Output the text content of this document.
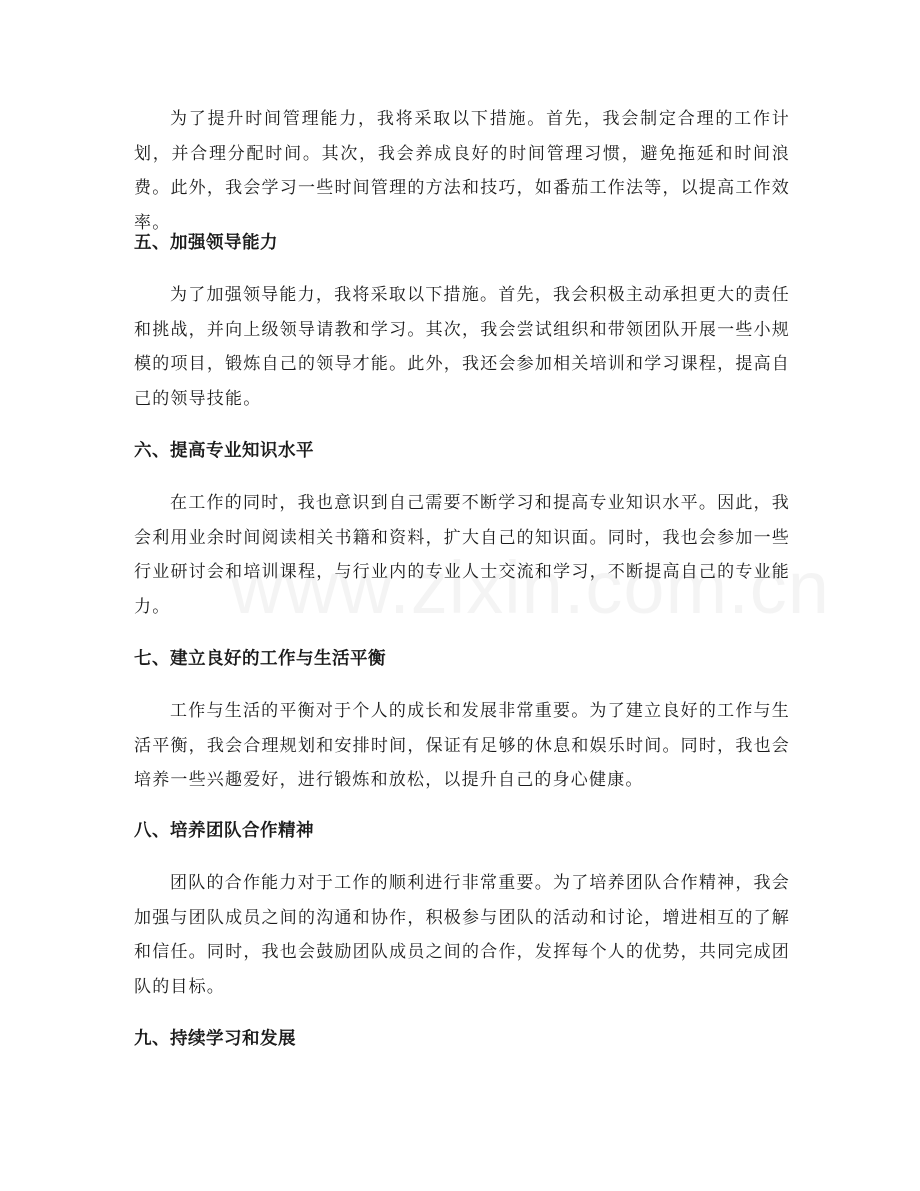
为了提升时间管理能力，我将采取以下措施。首先，我会制定合理的工作计划，并合理分配时间。其次，我会养成良好的时间管理习惯，避免拖延和时间浪费。此外，我会学习一些时间管理的方法和技巧，如番茄工作法等，以提高工作效率。

五、加强领导能力

为了加强领导能力，我将采取以下措施。首先，我会积极主动承担更大的责任和挑战，并向上级领导请教和学习。其次，我会尝试组织和带领团队开展一些小规模的项目，锻炼自己的领导才能。此外，我还会参加相关培训和学习课程，提高自己的领导技能。

六、提高专业知识水平

在工作的同时，我也意识到自己需要不断学习和提高专业知识水平。因此，我会利用业余时间阅读相关书籍和资料，扩大自己的知识面。同时，我也会参加一些行业研讨会和培训课程，与行业内的专业人士交流和学习，不断提高自己的专业能力。

七、建立良好的工作与生活平衡

工作与生活的平衡对于个人的成长和发展非常重要。为了建立良好的工作与生活平衡，我会合理规划和安排时间，保证有足够的休息和娱乐时间。同时，我也会培养一些兴趣爱好，进行锻炼和放松，以提升自己的身心健康。

八、培养团队合作精神

团队的合作能力对于工作的顺利进行非常重要。为了培养团队合作精神，我会加强与团队成员之间的沟通和协作，积极参与团队的活动和讨论，增进相互的了解和信任。同时，我也会鼓励团队成员之间的合作，发挥每个人的优势，共同完成团队的目标。

九、持续学习和发展
